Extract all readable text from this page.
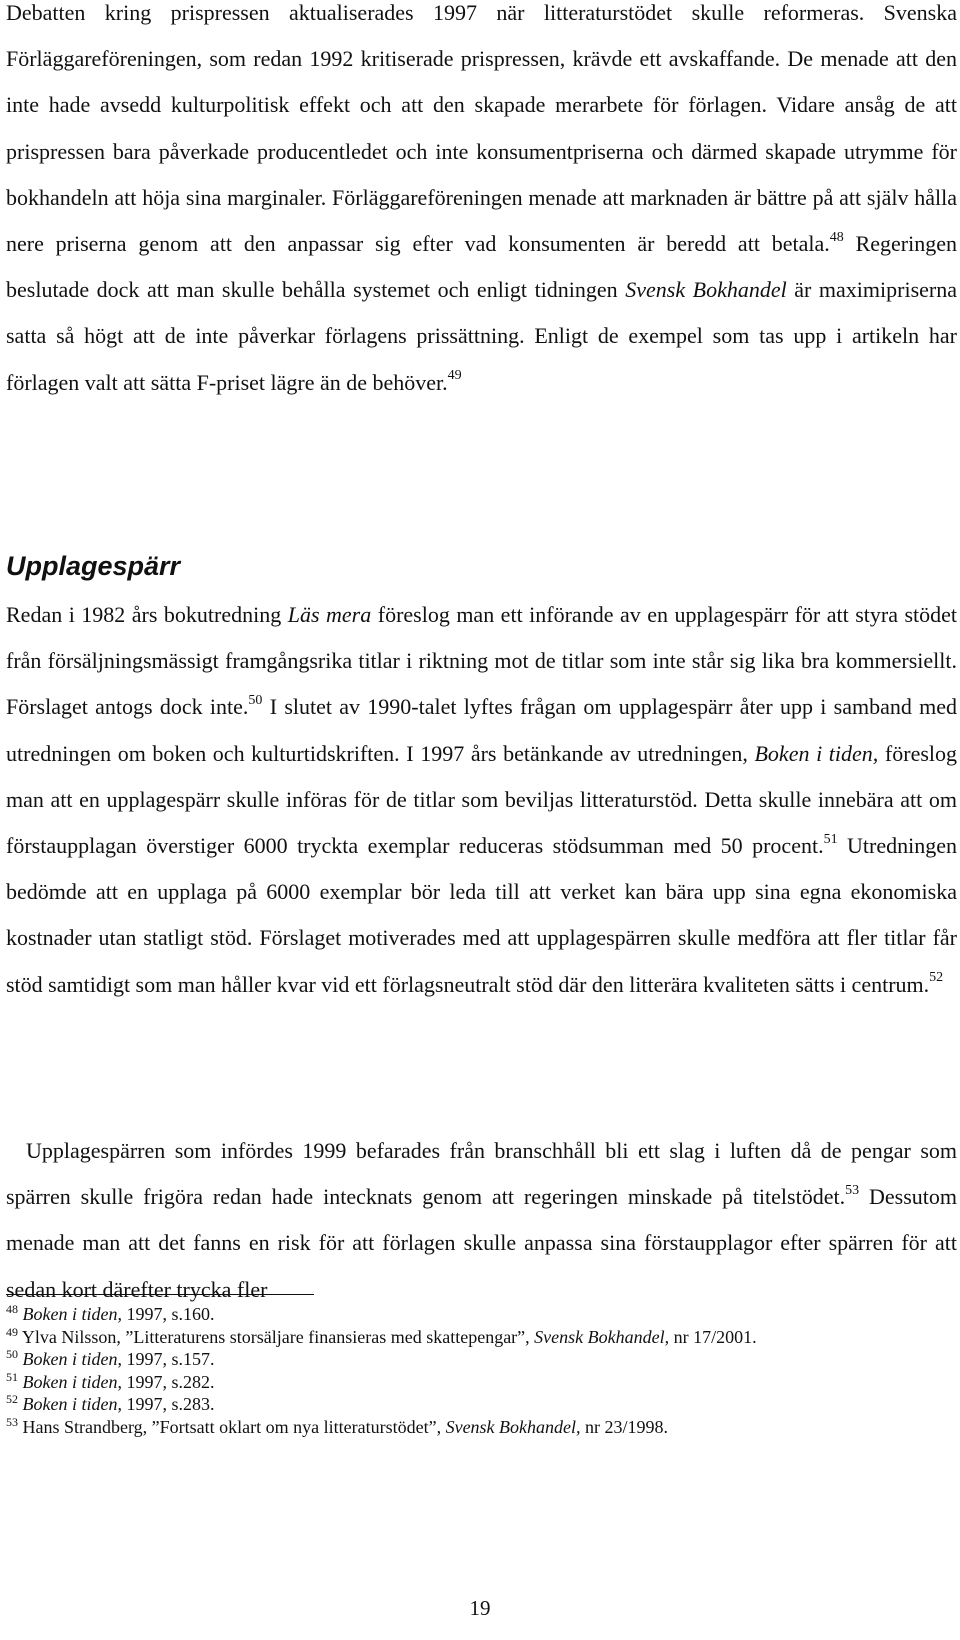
Debatten kring prispressen aktualiserades 1997 när litteraturstödet skulle reformeras. Svenska Förläggareföreningen, som redan 1992 kritiserade prispressen, krävde ett avskaffande. De menade att den inte hade avsedd kulturpolitisk effekt och att den skapade merarbete för förlagen. Vidare ansåg de att prispressen bara påverkade producentledet och inte konsumentpriserna och därmed skapade utrymme för bokhandeln att höja sina marginaler. Förläggareföreningen menade att marknaden är bättre på att själv hålla nere priserna genom att den anpassar sig efter vad konsumenten är beredd att betala.$^{48}$ Regeringen beslutade dock att man skulle behålla systemet och enligt tidningen Svensk Bokhandel är maximipriserna satta så högt att de inte påverkar förlagens prissättning. Enligt de exempel som tas upp i artikeln har förlagen valt att sätta F-priset lägre än de behöver.$^{49}$

Upplagespärr

Redan i 1982 års bokutredning Läs mera föreslog man ett införande av en upplagespärr för att styra stödet från försäljningsmässigt framgångsrika titlar i riktning mot de titlar som inte står sig lika bra kommersiellt. Förslaget antogs dock inte.$^{50}$ I slutet av 1990-talet lyftes frågan om upplagespärr åter upp i samband med utredningen om boken och kulturtidskriften. I 1997 års betänkande av utredningen, Boken i tiden, föreslog man att en upplagespärr skulle införas för de titlar som beviljas litteraturstöd. Detta skulle innebära att om förstaupplagan överstiger 6000 tryckta exemplar reduceras stödsumman med 50 procent.$^{51}$ Utredningen bedömde att en upplaga på 6000 exemplar bör leda till att verket kan bära upp sina egna ekonomiska kostnader utan statligt stöd. Förslaget motiverades med att upplagespärren skulle medföra att fler titlar får stöd samtidigt som man håller kvar vid ett förlagsneutralt stöd där den litterära kvaliteten sätts i centrum.$^{52}$

Upplagespärren som infördes 1999 befarades från branschhåll bli ett slag i luften då de pengar som spärren skulle frigöra redan hade intecknats genom att regeringen minskade på titelstödet.$^{53}$ Dessutom menade man att det fanns en risk för att förlagen skulle anpassa sina förstaupplagor efter spärren för att sedan kort därefter trycka fler

$^{48}$ Boken i tiden, 1997, s.160.

$^{49}$ Ylva Nilsson, ”Litteraturens storsäljare finansieras med skattepengar”, Svensk Bokhandel, nr 17/2001.

$^{50}$ Boken i tiden, 1997, s.157.

$^{51}$ Boken i tiden, 1997, s.282.

$^{52}$ Boken i tiden, 1997, s.283.

$^{53}$ Hans Strandberg, ”Fortsatt oklart om nya litteraturstödet”, Svensk Bokhandel, nr 23/1998.

19
